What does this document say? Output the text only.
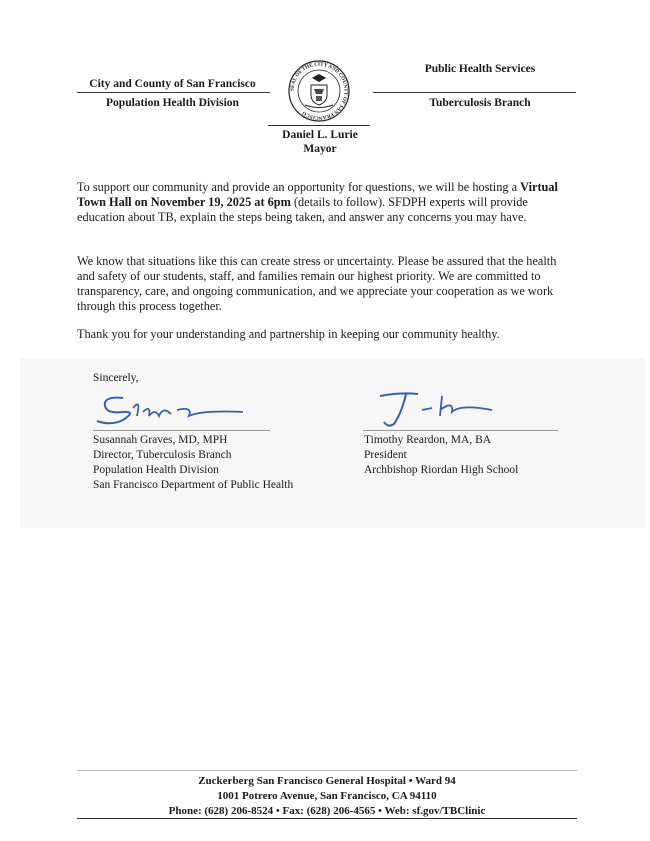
City and County of San Francisco
Population Health Division
Public Health Services
Tuberculosis Branch
SEAL OF THE CITY AND COUNTY OF SAN FRANCISCO
Daniel L. Lurie
Mayor
To support our community and provide an opportunity for questions, we will be hosting a Virtual Town Hall on November 19, 2025 at 6pm (details to follow). SFDPH experts will provide education about TB, explain the steps being taken, and answer any concerns you may have.
We know that situations like this can create stress or uncertainty. Please be assured that the health and safety of our students, staff, and families remain our highest priority. We are committed to transparency, care, and ongoing communication, and we appreciate your cooperation as we work through this process together.
Thank you for your understanding and partnership in keeping our community healthy.
Sincerely,
Susannah Graves, MD, MPH
Director, Tuberculosis Branch
Population Health Division
San Francisco Department of Public Health
Timothy Reardon, MA, BA
President
Archbishop Riordan High School
Zuckerberg San Francisco General Hospital • Ward 94
1001 Potrero Avenue, San Francisco, CA 94110
Phone: (628) 206-8524 • Fax: (628) 206-4565 • Web: sf.gov/TBClinic
